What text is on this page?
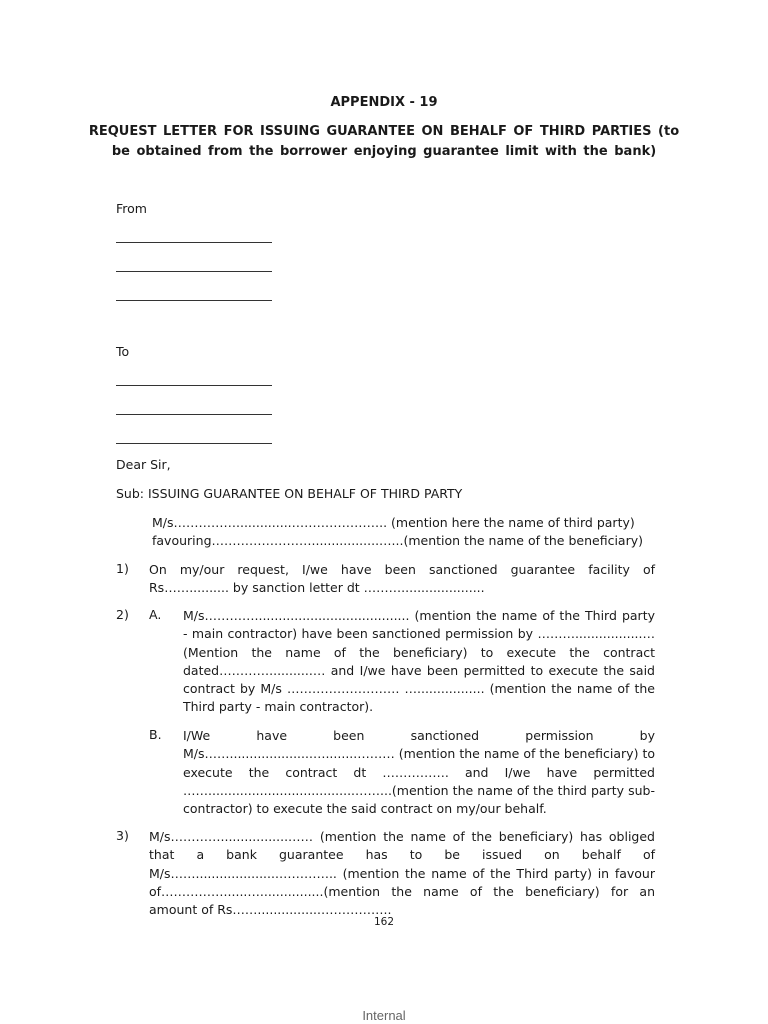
APPENDIX - 19
REQUEST LETTER FOR ISSUING GUARANTEE ON BEHALF OF THIRD PARTIES (to
be obtained from the borrower enjoying guarantee limit with the bank)
From
To
Dear Sir,
Sub: ISSUING GUARANTEE ON BEHALF OF THIRD PARTY
M/s……………..............………………….. (mention here the name of third party)
favouring…………………….................…...(mention the name of the beneficiary)
1) On my/our request, I/we have been sanctioned guarantee facility of Rs…….......... by sanction letter dt ……….....................
2) A. M/s…………....................................... (mention the name of the Third party - main contractor) have been sanctioned permission by ……….................…(Mention the name of the beneficiary) to execute the contract dated…………...........… and I/we have been permitted to execute the said contract by M/s ……………………… …................. (mention the name of the Third party - main contractor).
B. I/We have been sanctioned permission by M/s…….....................…........……… (mention the name of the beneficiary) to execute the contract dt ……………. and I/we have permitted …….....................................……...(mention the name of the third party sub-contractor) to execute the said contract on my/our behalf.
3) M/s………….................…… (mention the name of the beneficiary) has obliged that a bank guarantee has to be issued on behalf of M/s…….....................………….. (mention the name of the Third party) in favour of……………......…................(mention the name of the beneficiary) for an amount of Rs……................……………..
162
Internal
